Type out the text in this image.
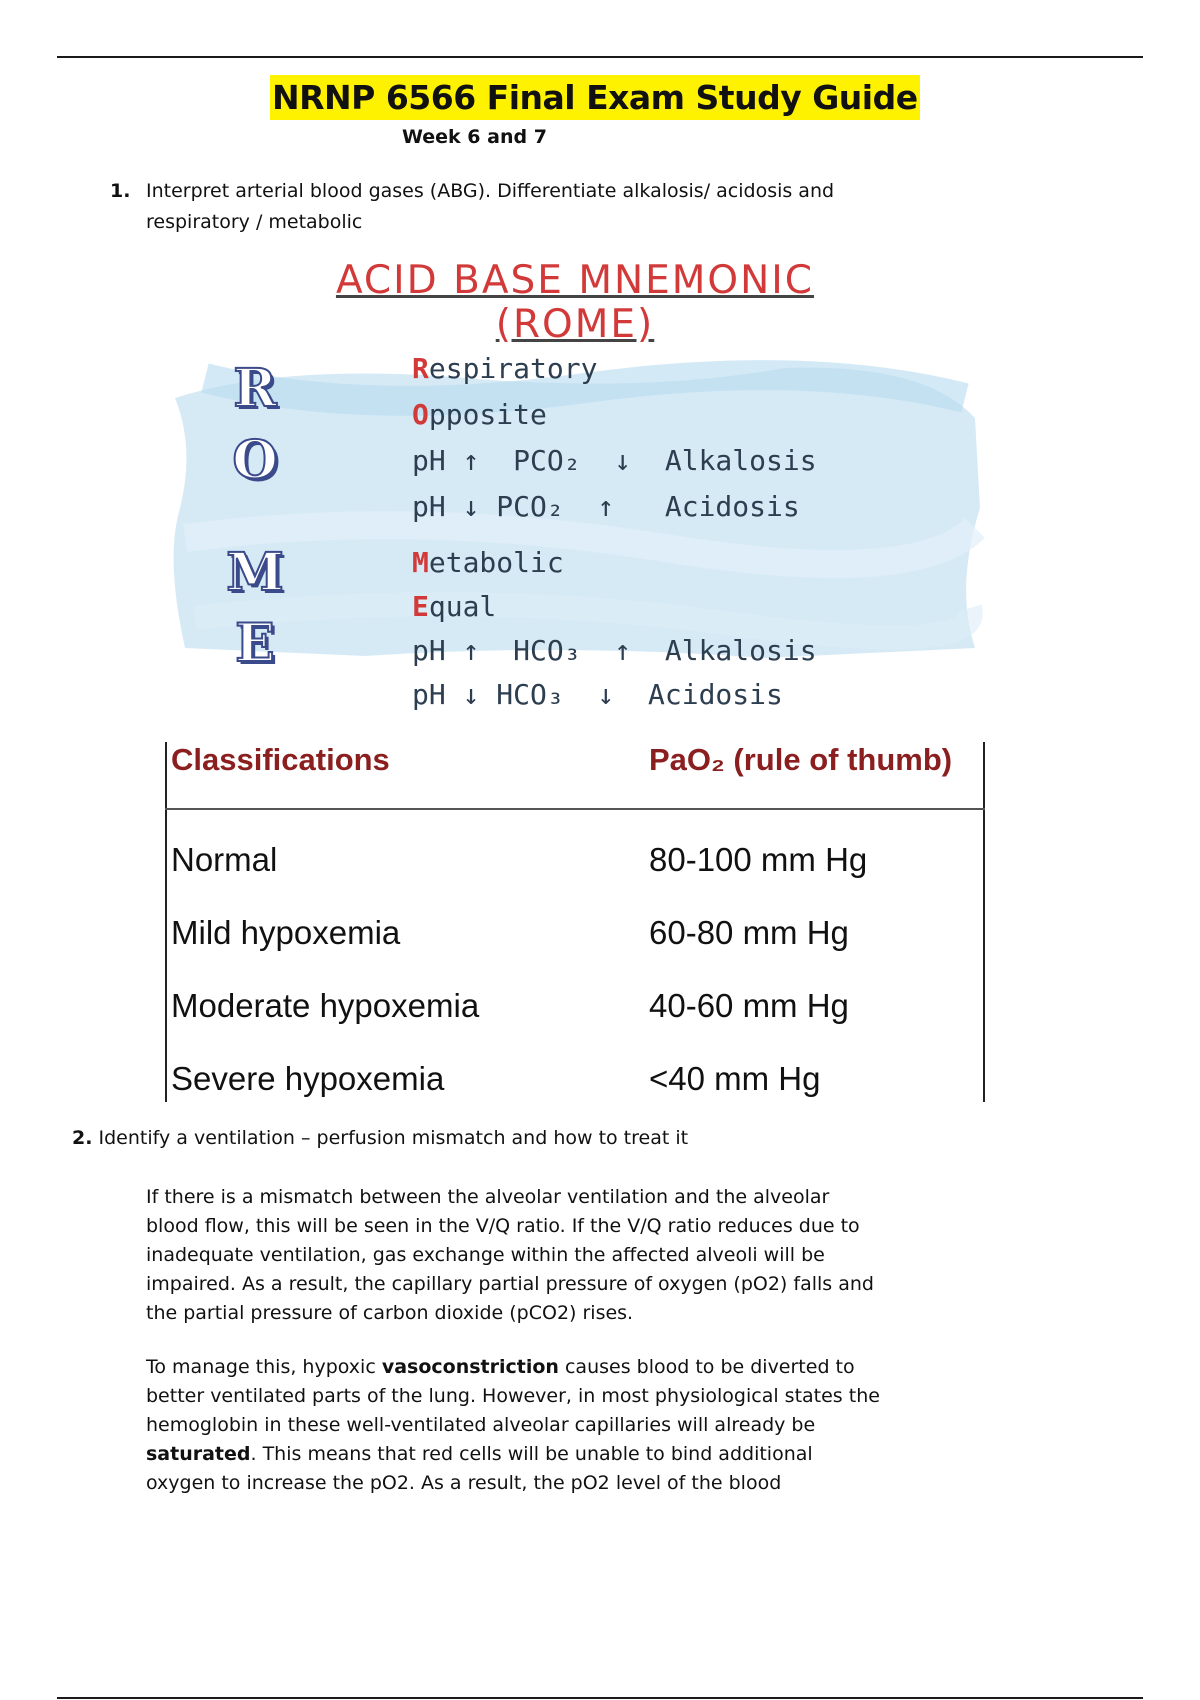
NRNP 6566 Final Exam Study Guide
Week 6 and 7
1. Interpret arterial blood gases (ABG). Differentiate alkalosis/ acidosis and respiratory / metabolic
ACID BASE MNEMONIC
(ROME)
R
O
M
E
Respiratory
Opposite
pH ↑  PCO₂  ↓  Alkalosis
pH ↓ PCO₂  ↑   Acidosis
Metabolic
Equal
pH ↑  HCO₃  ↑  Alkalosis
pH ↓ HCO₃  ↓  Acidosis
Classifications	PaO₂ (rule of thumb)
Normal	80-100 mm Hg
Mild hypoxemia	60-80 mm Hg
Moderate hypoxemia	40-60 mm Hg
Severe hypoxemia	<40 mm Hg
2. Identify a ventilation – perfusion mismatch and how to treat it
If there is a mismatch between the alveolar ventilation and the alveolar blood flow, this will be seen in the V/Q ratio. If the V/Q ratio reduces due to inadequate ventilation, gas exchange within the affected alveoli will be impaired. As a result, the capillary partial pressure of oxygen (pO2) falls and the partial pressure of carbon dioxide (pCO2) rises.
To manage this, hypoxic vasoconstriction causes blood to be diverted to better ventilated parts of the lung. However, in most physiological states the hemoglobin in these well-ventilated alveolar capillaries will already be saturated. This means that red cells will be unable to bind additional oxygen to increase the pO2. As a result, the pO2 level of the blood
